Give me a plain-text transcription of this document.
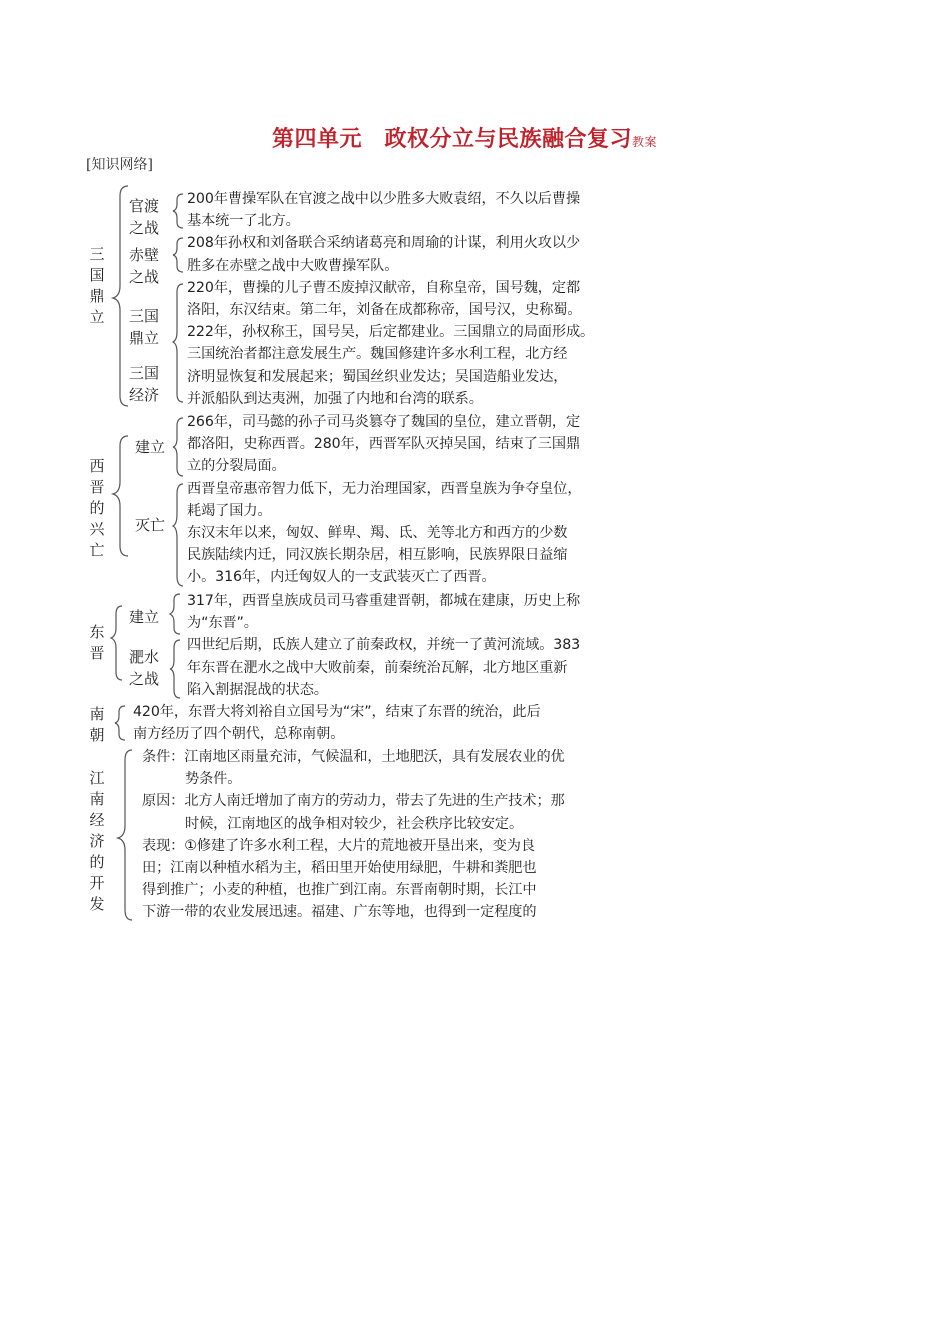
第四单元　政权分立与民族融合复习教案
[知识网络]
三国鼎立
官渡
之战
赤壁
之战
三国
鼎立
三国
经济
200年曹操军队在官渡之战中以少胜多大败袁绍，不久以后曹操
基本统一了北方。
208年孙权和刘备联合采纳诸葛亮和周瑜的计谋，利用火攻以少
胜多在赤壁之战中大败曹操军队。
220年，曹操的儿子曹丕废掉汉献帝，自称皇帝，国号魏，定都
洛阳，东汉结束。第二年，刘备在成都称帝，国号汉，史称蜀。
222年，孙权称王，国号吴，后定都建业。三国鼎立的局面形成。
三国统治者都注意发展生产。魏国修建许多水利工程，北方经
济明显恢复和发展起来；蜀国丝织业发达；吴国造船业发达，
并派船队到达夷洲，加强了内地和台湾的联系。
西晋的兴亡
建立
灭亡
266年，司马懿的孙子司马炎篡夺了魏国的皇位，建立晋朝，定
都洛阳，史称西晋。280年，西晋军队灭掉吴国，结束了三国鼎
立的分裂局面。
西晋皇帝惠帝智力低下，无力治理国家，西晋皇族为争夺皇位，
耗竭了国力。
东汉末年以来，匈奴、鲜卑、羯、氐、羌等北方和西方的少数
民族陆续内迁，同汉族长期杂居，相互影响，民族界限日益缩
小。316年，内迁匈奴人的一支武装灭亡了西晋。
东晋
建立
淝水
之战
317年，西晋皇族成员司马睿重建晋朝，都城在建康，历史上称
为“东晋”。
四世纪后期，氐族人建立了前秦政权，并统一了黄河流域。383
年东晋在淝水之战中大败前秦，前秦统治瓦解，北方地区重新
陷入割据混战的状态。
南朝
420年，东晋大将刘裕自立国号为“宋”，结束了东晋的统治，此后
南方经历了四个朝代，总称南朝。
江南经济的开发
条件：江南地区雨量充沛，气候温和，土地肥沃，具有发展农业的优
势条件。
原因：北方人南迁增加了南方的劳动力，带去了先进的生产技术；那
时候，江南地区的战争相对较少，社会秩序比较安定。
表现：①修建了许多水利工程，大片的荒地被开垦出来，变为良
田；江南以种植水稻为主，稻田里开始使用绿肥，牛耕和粪肥也
得到推广；小麦的种植，也推广到江南。东晋南朝时期，长江中
下游一带的农业发展迅速。福建、广东等地，也得到一定程度的
